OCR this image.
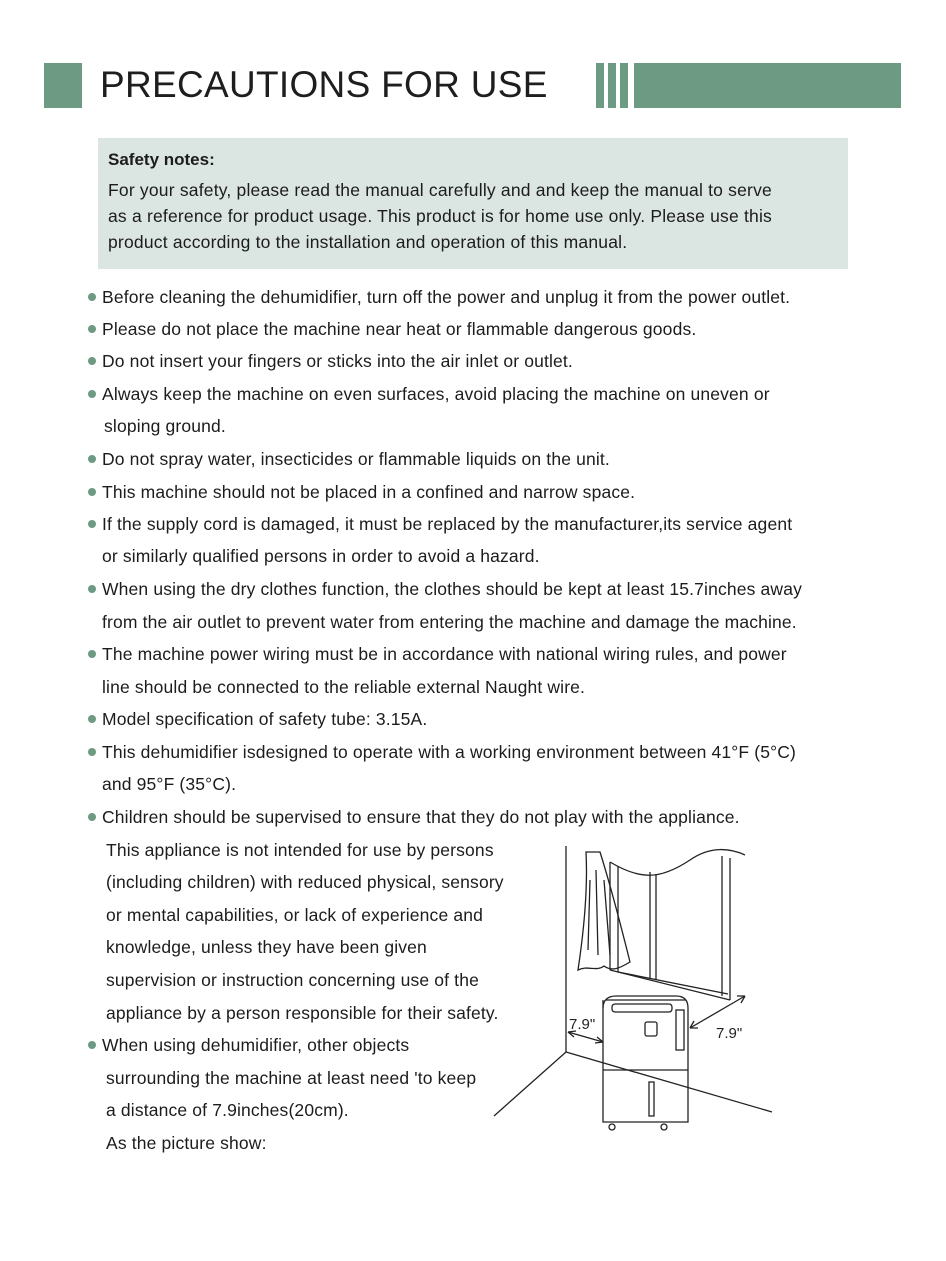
PRECAUTIONS FOR USE
Safety notes:
For your safety, please read the manual carefully and and keep the manual to serve
as a reference for product usage. This product is for home use only. Please use this
product according to the installation and operation of this manual.
Before cleaning the dehumidifier, turn off the power and unplug it from the power outlet.
Please do not place the machine near heat or flammable dangerous goods.
Do not insert your fingers or sticks into the air inlet or outlet.
Always keep the machine on even surfaces, avoid placing the machine on uneven or
sloping ground.
Do not spray water, insecticides or flammable liquids on the unit.
This machine should not be placed in a confined and narrow space.
If the supply cord is damaged, it must be replaced by the manufacturer,its service agent
or similarly qualified persons in order to avoid a hazard.
When using the dry clothes function, the clothes should be kept at least 15.7inches away
from the air outlet to prevent water from entering the machine and damage the machine.
The machine power wiring must be in accordance with national wiring rules, and power
line should be connected to the reliable external Naught wire.
Model specification of safety tube: 3.15A.
This dehumidifier isdesigned to operate with a working environment between 41°F (5°C)
and 95°F (35°C).
Children should be supervised to ensure that they do not play with the appliance.
This appliance is not intended for use by persons
(including children) with reduced physical, sensory
or mental capabilities, or lack of experience and
knowledge, unless they have been given
supervision or instruction concerning use of the
appliance by a person responsible for their safety.
When using dehumidifier, other objects
surrounding the machine at least need 'to keep
a distance of 7.9inches(20cm).
As the picture show:
7.9"
7.9"
